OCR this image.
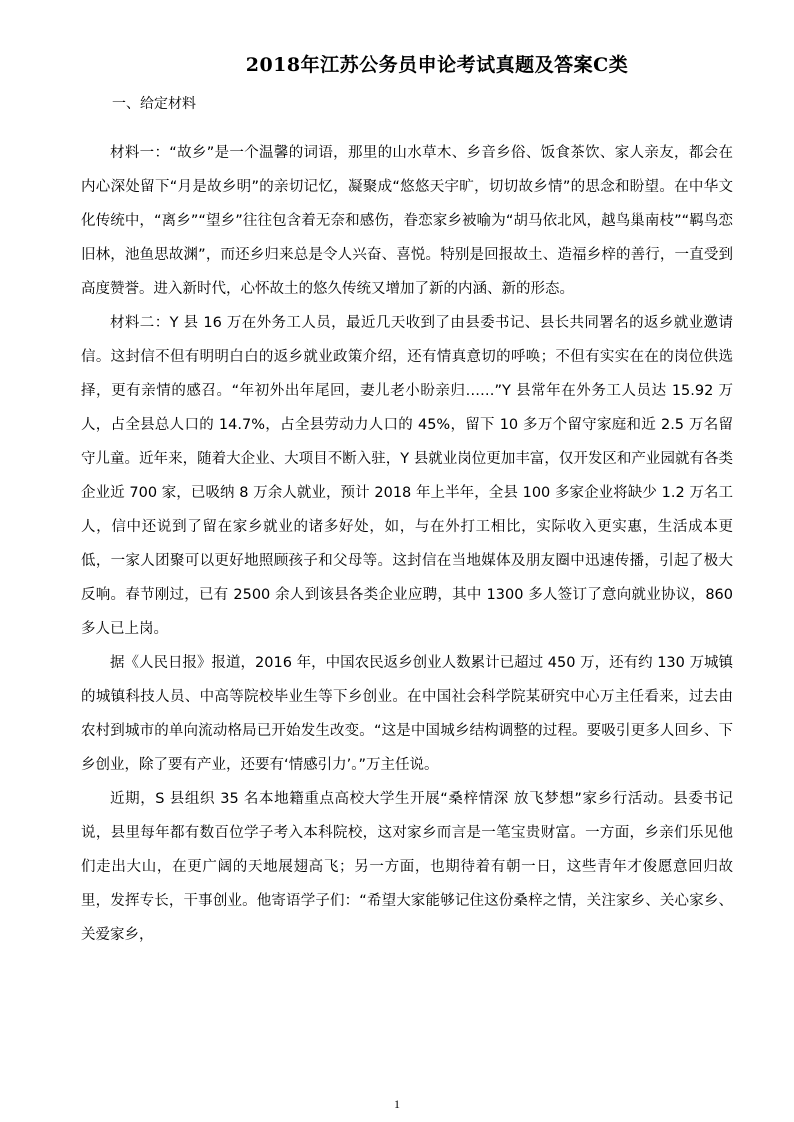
2018年江苏公务员申论考试真题及答案C类
一、给定材料

材料一：“故乡”是一个温馨的词语，那里的山水草木、乡音乡俗、饭食茶饮、家人亲友，都会在内心深处留下“月是故乡明”的亲切记忆，凝聚成“悠悠天宇旷，切切故乡情”的思念和盼望。在中华文化传统中，“离乡”“望乡”往往包含着无奈和感伤，眷恋家乡被喻为“胡马依北风，越鸟巢南枝”“羁鸟恋旧林，池鱼思故渊”，而还乡归来总是令人兴奋、喜悦。特别是回报故土、造福乡梓的善行，一直受到高度赞誉。进入新时代，心怀故土的悠久传统又增加了新的内涵、新的形态。

材料二：Y 县 16 万在外务工人员，最近几天收到了由县委书记、县长共同署名的返乡就业邀请信。这封信不但有明明白白的返乡就业政策介绍，还有情真意切的呼唤；不但有实实在在的岗位供选择，更有亲情的感召。“年初外出年尾回，妻儿老小盼亲归……”Y 县常年在外务工人员达 15.92 万人，占全县总人口的 14.7%，占全县劳动力人口的 45%，留下 10 多万个留守家庭和近 2.5 万名留守儿童。近年来，随着大企业、大项目不断入驻，Y 县就业岗位更加丰富，仅开发区和产业园就有各类企业近 700 家，已吸纳 8 万余人就业，预计 2018 年上半年，全县 100 多家企业将缺少 1.2 万名工人，信中还说到了留在家乡就业的诸多好处，如，与在外打工相比，实际收入更实惠，生活成本更低，一家人团聚可以更好地照顾孩子和父母等。这封信在当地媒体及朋友圈中迅速传播，引起了极大反响。春节刚过，已有 2500 余人到该县各类企业应聘，其中 1300 多人签订了意向就业协议，860 多人已上岗。

据《人民日报》报道，2016 年，中国农民返乡创业人数累计已超过 450 万，还有约 130 万城镇的城镇科技人员、中高等院校毕业生等下乡创业。在中国社会科学院某研究中心万主任看来，过去由农村到城市的单向流动格局已开始发生改变。“这是中国城乡结构调整的过程。要吸引更多人回乡、下乡创业，除了要有产业，还要有‘情感引力’。”万主任说。

近期，S 县组织 35 名本地籍重点高校大学生开展“桑梓情深 放飞梦想”家乡行活动。县委书记说，县里每年都有数百位学子考入本科院校，这对家乡而言是一笔宝贵财富。一方面，乡亲们乐见他们走出大山，在更广阔的天地展翅高飞；另一方面，也期待着有朝一日，这些青年才俊愿意回归故里，发挥专长，干事创业。他寄语学子们：“希望大家能够记住这份桑梓之情，关注家乡、关心家乡、关爱家乡，

1
